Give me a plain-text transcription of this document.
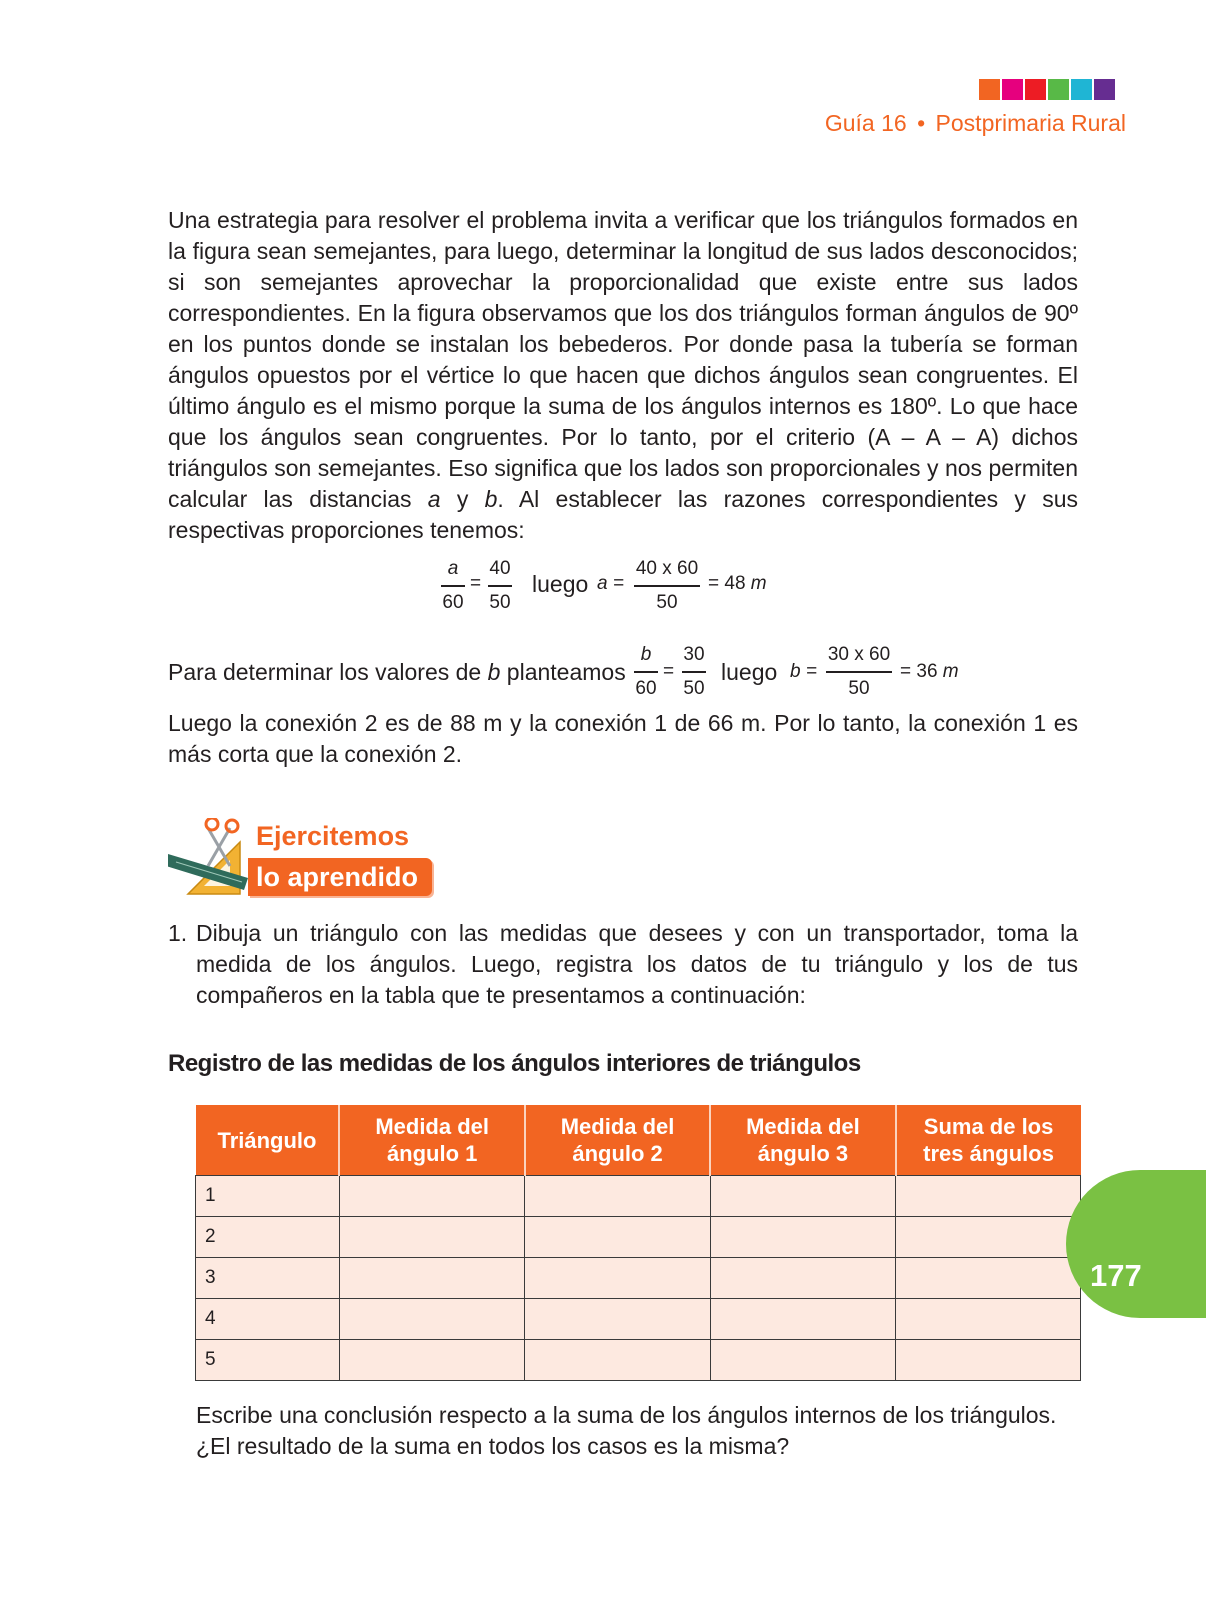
Guía 16 • Postprimaria Rural

Una estrategia para resolver el problema invita a verificar que los triángulos formados en la figura sean semejantes, para luego, determinar la longitud de sus lados desconocidos; si son semejantes aprovechar la proporcionalidad que existe entre sus lados correspondientes. En la figura observamos que los dos triángulos forman ángulos de 90º en los puntos donde se instalan los bebederos. Por donde pasa la tubería se forman ángulos opuestos por el vértice lo que hacen que dichos ángulos sean congruentes. El último ángulo es el mismo porque la suma de los ángulos internos es 180º. Lo que hace que los ángulos sean congruentes. Por lo tanto, por el criterio (A – A – A) dichos triángulos son semejantes. Eso significa que los lados son proporcionales y nos permiten calcular las distancias a y b. Al establecer las razones correspondientes y sus respectivas proporciones tenemos:

a
60
=
40
50
luego a =
40 x 60
50
= 48 m
Para determinar los valores de b planteamos
b
60
=
30
50
luego b =
30 x 60
50
= 36 m

Luego la conexión 2 es de 88 m y la conexión 1 de 66 m. Por lo tanto, la conexión 1 es más corta que la conexión 2.

Ejercitemos
lo aprendido
1. Dibuja un triángulo con las medidas que desees y con un transportador, toma la medida de los ángulos. Luego, registra los datos de tu triángulo y los de tus compañeros en la tabla que te presentamos a continuación:
Registro de las medidas de los ángulos interiores de triángulos
Triángulo	Medida del ángulo 1	Medida del ángulo 2	Medida del ángulo 3	Suma de los tres ángulos
1				
2				
3				
4				
5				
177

Escribe una conclusión respecto a la suma de los ángulos internos de los triángulos. ¿El resultado de la suma en todos los casos es la misma?
